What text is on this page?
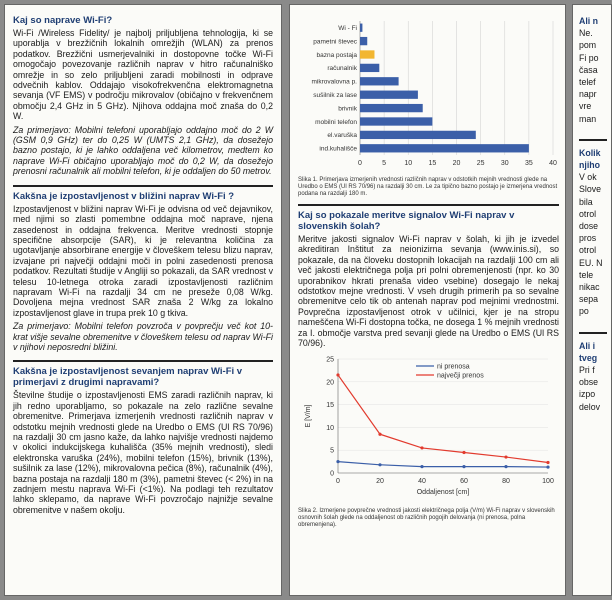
Kaj so naprave Wi-Fi?
Wi-Fi /Wireless Fidelity/ je najbolj priljubljena tehnologija, ki se uporablja v brezžičnih lokalnih omrežjih (WLAN) za prenos podatkov. Brezžični usmerjevalniki in dostopovne točke Wi-Fi omogočajo povezovanje različnih naprav v hitro računalniško omrežje in so zelo priljubljeni zaradi mobilnosti in odprave odvečnih kablov. Oddajajo visokofrekvenčna elektromagnetna sevanja (VF EMS) v področju mikrovalov (običajno v frekvenčnem območju 2,4 GHz in 5 GHz). Njihova oddajna moč znaša do 0,2 W.
Za primerjavo: Mobilni telefoni uporabljajo oddajno moč do 2 W (GSM 0,9 GHz) ter do 0,25 W (UMTS 2,1 GHz), da dosežejo bazno postajo, ki je lahko oddaljena več kilometrov, medtem ko naprave Wi-Fi običajno uporabljajo moč do 0,2 W, da dosežejo prenosni računalnik ali mobilni telefon, ki je oddaljen do 50 metrov.
Kakšna je izpostavljenost v bližini naprav Wi-Fi ?
Izpostavljenost v bližini naprav Wi-Fi je odvisna od več dejavnikov, med njimi so zlasti pomembne oddajna moč naprave, njena zasedenost in oddajna frekvenca. Meritve vrednosti stopnje specifične absorpcije (SAR), ki je relevantna količina za ugotavljanje absorbirane energije v človeškem telesu blizu naprav, izvajane pri največji oddajni moči in polni zasedenosti prenosa podatkov. Rezultati študije v Angliji so pokazali, da SAR vrednost v telesu 10-letnega otroka zaradi izpostavljenosti različnim napravam Wi-Fi na razdalji 34 cm ne preseže 0,08 W/kg. Dovoljena mejna vrednost SAR znaša 2 W/kg za lokalno izpostavljenost glave in trupa prek 10 g tkiva.
Za primerjavo: Mobilni telefon povzroča v povprečju več kot 10-krat višje sevalne obremenitve v človeškem telesu od naprav Wi-Fi v njihovi neposredni bližini.
Kakšna je izpostavljenost sevanjem naprav Wi-Fi v primerjavi z drugimi napravami?
Številne študije o izpostavljenosti EMS zaradi različnih naprav, ki jih redno uporabljamo, so pokazale na zelo različne sevalne obremenitve. Primerjava izmerjenih vrednosti različnih naprav v odstotku mejnih vrednosti glede na Uredbo o EMS (Ul RS 70/96) na razdalji 30 cm jasno kaže, da lahko najvišje vrednosti najdemo v okolici indukcijskega kuhališča (35% mejnih vrednosti), sledi elektronska varuška (24%), mobilni telefon (15%), brivnik (13%), sušilnik za lase (12%), mikrovalovna pečica (8%), računalnik (4%), bazna postaja na razdalji 180 m (3%), pametni števec (< 2%) in na zadnjem mestu naprava Wi-Fi (<1%). Na podlagi teh rezultatov lahko sklepamo, da naprave Wi-Fi povzročajo najnižje sevalne obremenitve v našem okolju.
0	5	10 15 20 25 30 35 40
Wi - Fi
pametni števec
bazna postaja
računalnik
mikrovalovna p.
sušilnik za lase
brivnik
mobilni telefon
el.varuška
ind.kuhališče
Slika 1. Primerjava izmerjenih vrednosti različnih naprav v odstotkih mejnih vrednosti glede na Uredbo o EMS (Ul RS 70/96) na razdalji 30 cm. Le za tipično bazno postajo je izmerjena vrednost podana na razdalji 180 m.
Kaj so pokazale meritve signalov Wi-Fi naprav v slovenskih šolah?
Meritve jakosti signalov Wi-Fi naprav v šolah, ki jih je izvedel akreditiran Inštitut za neionizirna sevanja (www.inis.si), so pokazale, da na človeku dostopnih lokacijah na razdalji 100 cm ali več jakosti električnega polja pri polni obremenjenosti (npr. ko 30 uporabnikov hkrati prenaša video vsebine) dosegajo le nekaj odstotkov mejne vrednosti. V vseh drugih primerih pa so sevalne obremenitve celo tik ob antenah naprav pod mejnimi vrednostmi. Povprečna izpostavljenost otrok v učilnici, kjer je na stropu nameščena Wi-Fi dostopna točka, ne dosega 1 % mejnih vrednosti za I. območje varstva pred sevanji glede na Uredbo o EMS (Ul RS 70/96).
0
5
10
15
20
25
0	20	40	60	80	100
Oddaljenost [cm]
E [V/m]
ni prenosa
največji prenos
Slika 2. Izmerjene povprečne vrednosti jakosti električnega polja (V/m) Wi-Fi naprav v slovenskih osnovnih šolah glede na oddaljenost ob različnih pogojih delovanja (ni prenosa, polna obremenjena).
Ali n
Ne.
pom
Fi po
časa
telef
napr
vre
man
Kolik
njiho
V ok
Slove
bila
otrol
dose
pros
otrol
EU. N
tele
nikac
sepa
po
Ali i
tveg
Pri f
obse
izpo
delov
